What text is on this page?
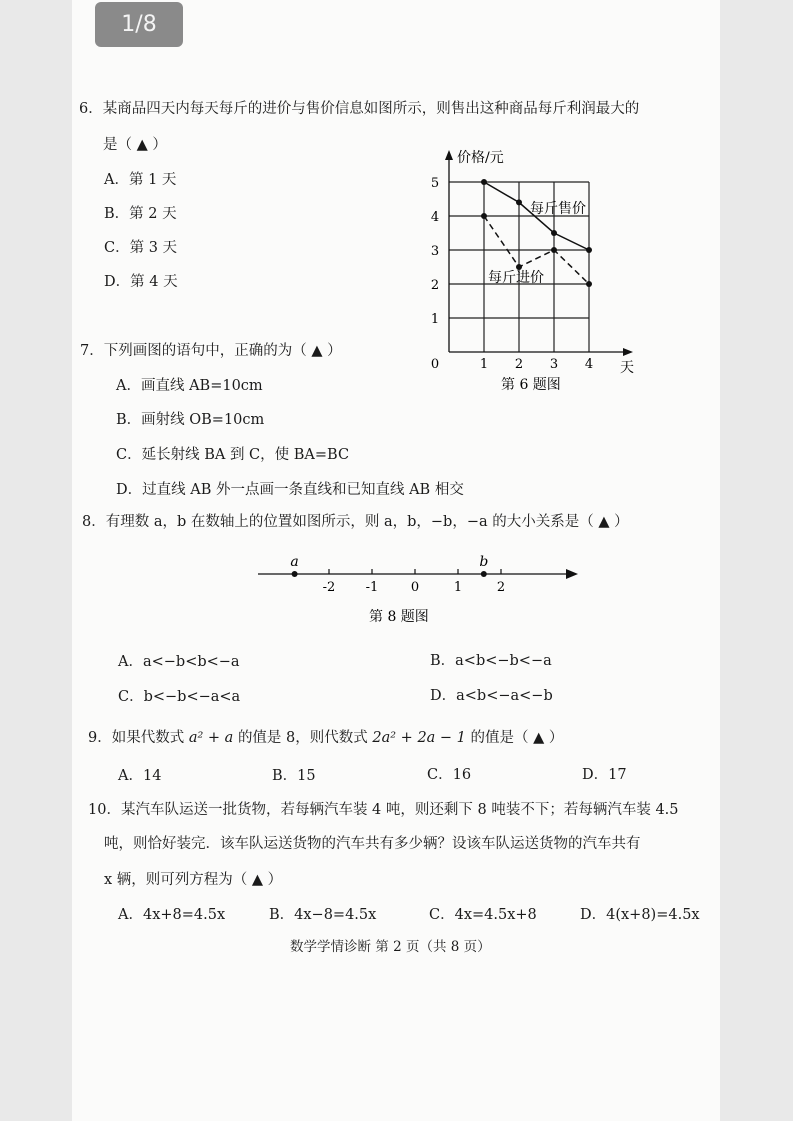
1/8
6．某商品四天内每天每斤的进价与售价信息如图所示，则售出这种商品每斤利润最大的
是（ ▲ ）
A．第 1 天
B．第 2 天
C．第 3 天
D．第 4 天
1
2
3
4
5
0	1 2 3 4
价格/元
天
每斤售价
每斤进价
第 6 题图
7．下列画图的语句中，正确的为（ ▲ ）
A．画直线 AB=10cm
B．画射线 OB=10cm
C．延长射线 BA 到 C，使 BA=BC
D．过直线 AB 外一点画一条直线和已知直线 AB 相交
8．有理数 a，b 在数轴上的位置如图所示，则 a，b，−b，−a 的大小关系是（ ▲ ）
-2 -1	0	1	2
a	b
第 8 题图
A．a<−b<b<−a	B．a<b<−b<−a
C．b<−b<−a<a	D．a<b<−a<−b
9．如果代数式 a² + a 的值是 8，则代数式 2a² + 2a − 1 的值是（ ▲ ）
A．14	B．15	C．16	D．17
10．某汽车队运送一批货物，若每辆汽车装 4 吨，则还剩下 8 吨装不下；若每辆汽车装 4.5
吨，则恰好装完．该车队运送货物的汽车共有多少辆？设该车队运送货物的汽车共有
x 辆，则可列方程为（ ▲ ）
A．4x+8=4.5x	B．4x−8=4.5x	C．4x=4.5x+8	D．4(x+8)=4.5x
数学学情诊断 第 2 页（共 8 页）
